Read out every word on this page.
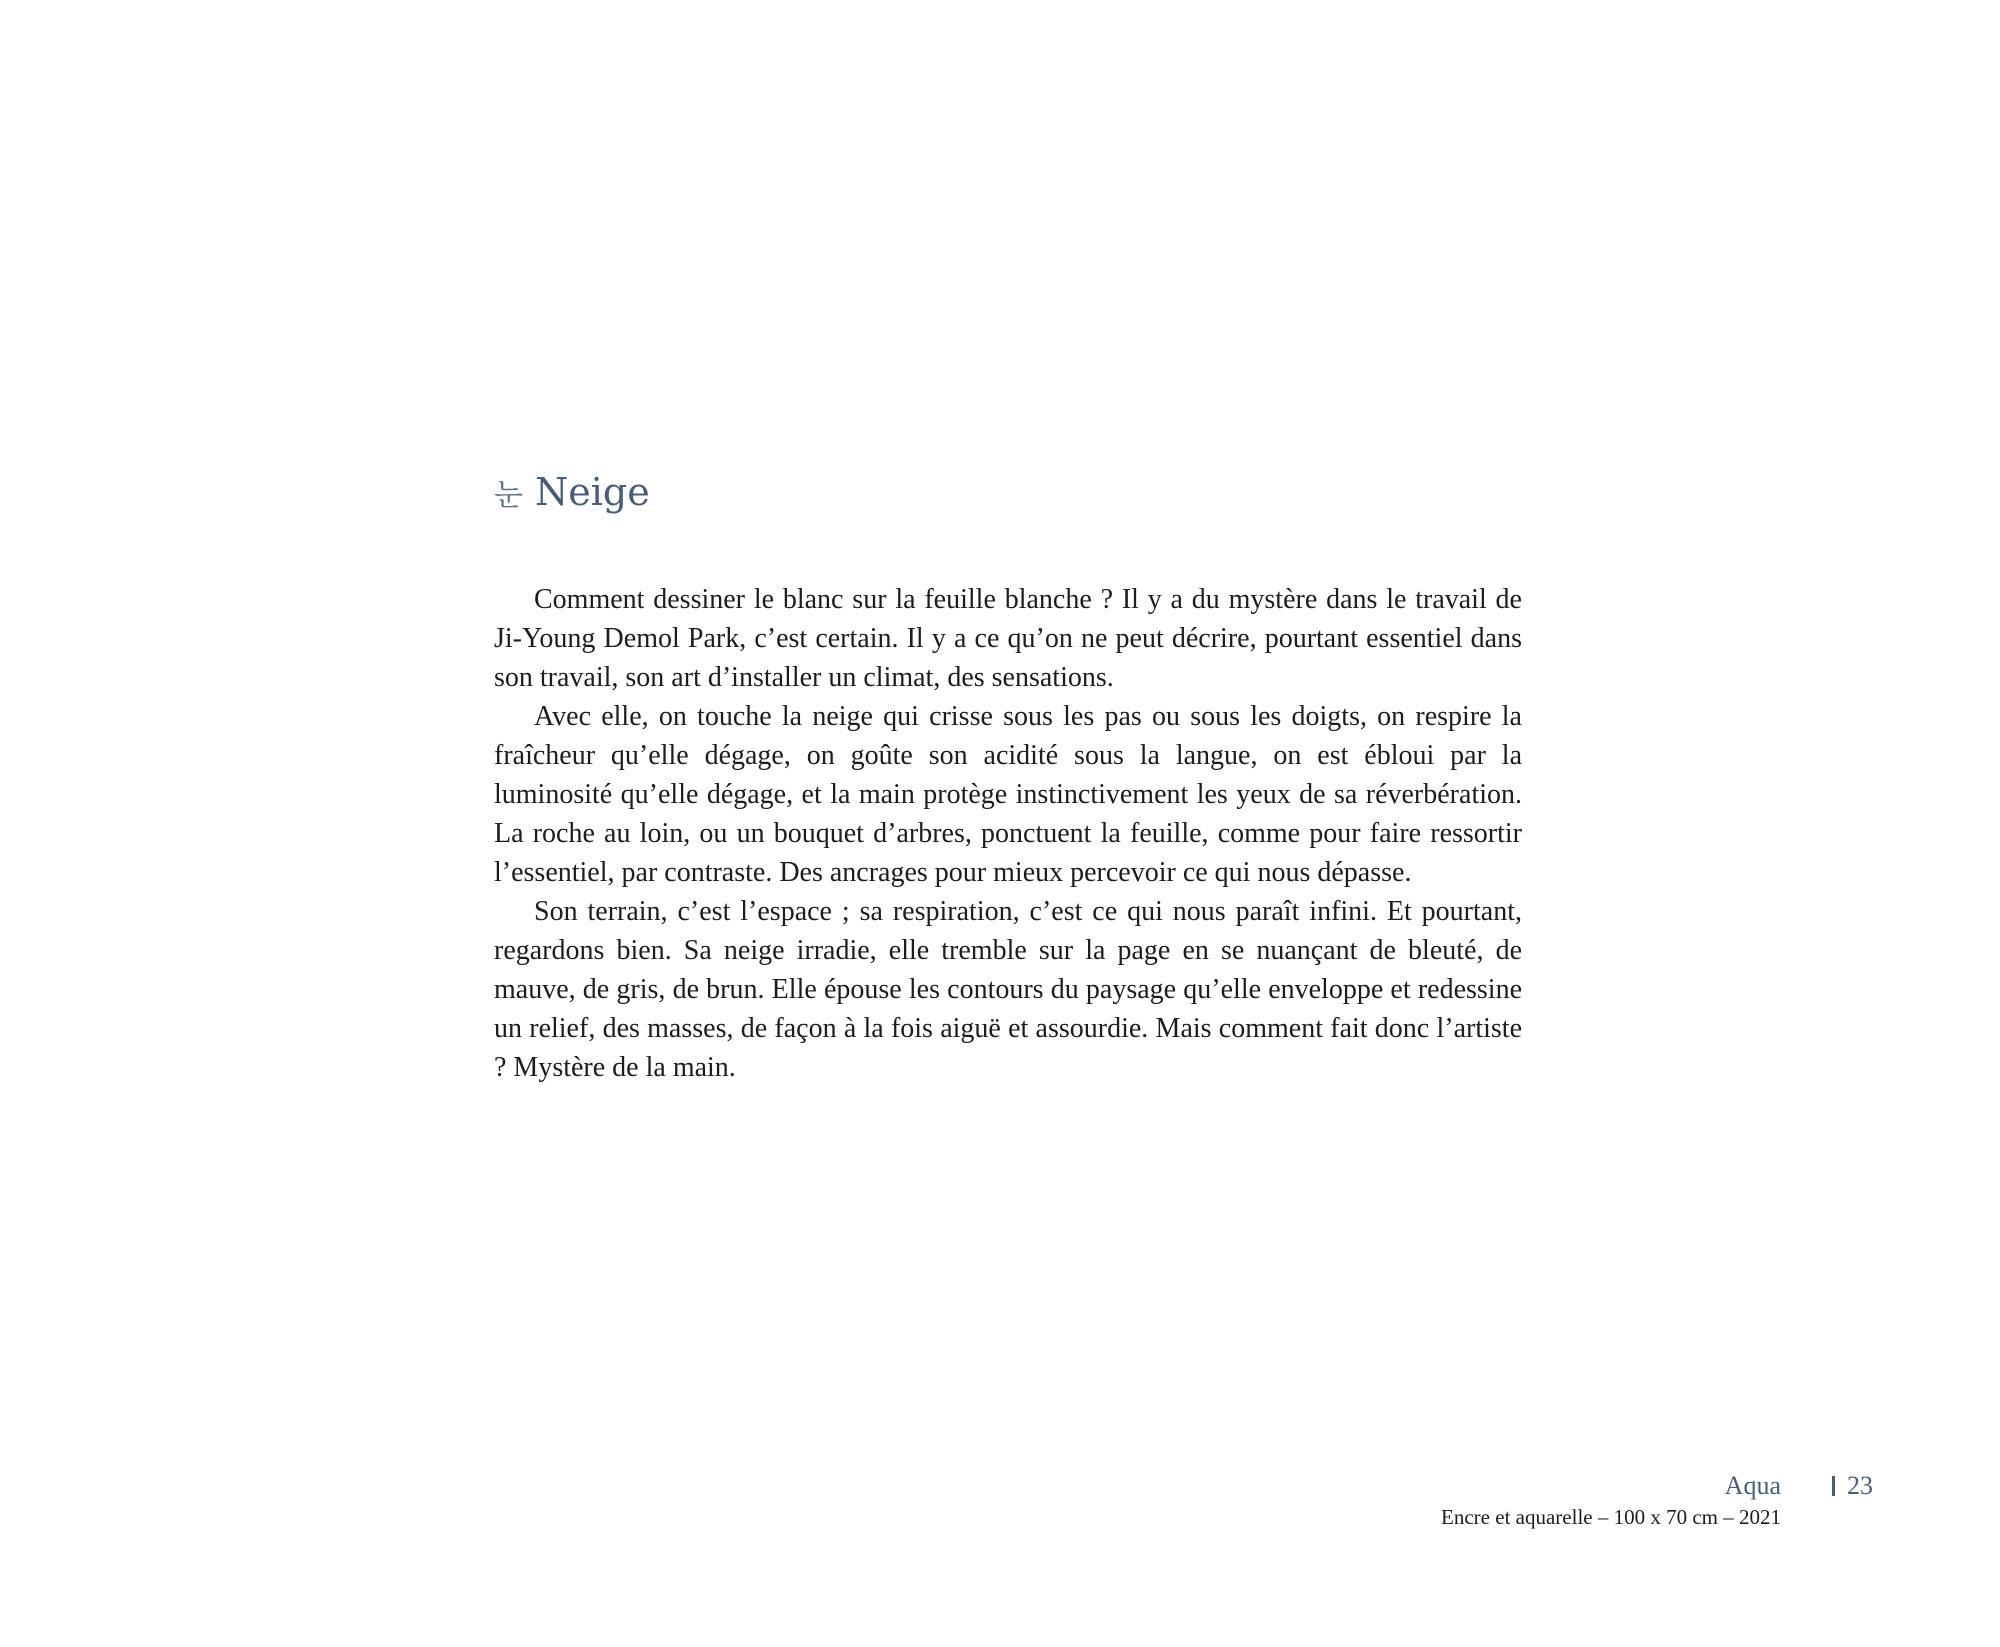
눈 Neige

Comment dessiner le blanc sur la feuille blanche ? Il y a du mystère dans le travail de Ji-Young Demol Park, c’est certain. Il y a ce qu’on ne peut décrire, pourtant essentiel dans son travail, son art d’installer un climat, des sensations.

Avec elle, on touche la neige qui crisse sous les pas ou sous les doigts, on respire la fraîcheur qu’elle dégage, on goûte son acidité sous la langue, on est ébloui par la luminosité qu’elle dégage, et la main protège instinctivement les yeux de sa réverbération. La roche au loin, ou un bouquet d’arbres, ponctuent la feuille, comme pour faire ressortir l’essentiel, par contraste. Des ancrages pour mieux percevoir ce qui nous dépasse.

Son terrain, c’est l’espace ; sa respiration, c’est ce qui nous paraît infini. Et pourtant, regardons bien. Sa neige irradie, elle tremble sur la page en se nuançant de bleuté, de mauve, de gris, de brun. Elle épouse les contours du paysage qu’elle enveloppe et redessine un relief, des masses, de façon à la fois aiguë et assourdie. Mais comment fait donc l’artiste ? Mystère de la main.

Aqua
Encre et aquarelle – 100 x 70 cm – 2021
23
